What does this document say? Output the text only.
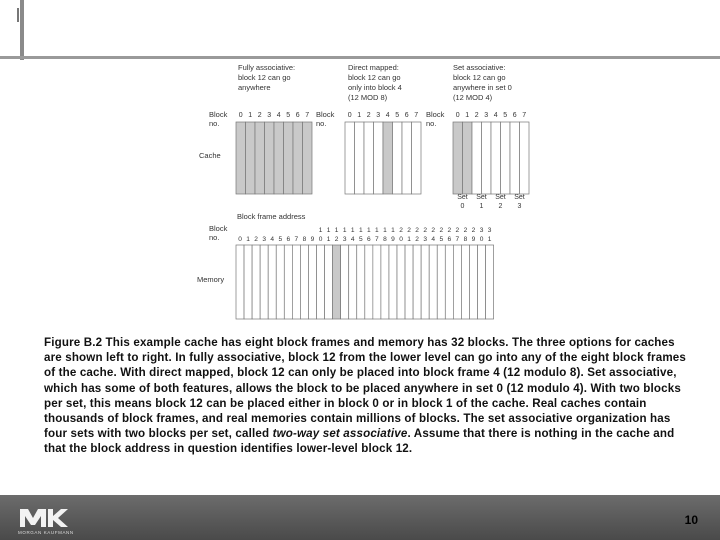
Fully associative:
block 12 can go
anywhere
Block
no.
0 1 2 3 4 5 6 7
Direct mapped:
block 12 can go
only into block 4
(12 MOD 8)
Block
no.
0 1 2 3 4 5 6 7
Set associative:
block 12 can go
anywhere in set 0
(12 MOD 4)
Block
no.
0 1 2 3 4 5 6 7
Set
0
Set
1
Set
2
Set
3
Cache
Block frame address
Block
no.
Memory
1 1 1 1 1 1 1 1 1 1 2 2 2 2 2 2 2 2 2 2 3 3
0 1 2 3 4 5 6 7 8 9 0 1 2 3 4 5 6 7 8 9 0 1 2 3 4 5 6 7 8 9 0 1
Figure B.2 This example cache has eight block frames and memory has 32 blocks. The three options for caches are shown left to right. In fully associative, block 12 from the lower level can go into any of the eight block frames of the cache. With direct mapped, block 12 can only be placed into block frame 4 (12 modulo 8). Set associative, which has some of both features, allows the block to be placed anywhere in set 0 (12 modulo 4). With two blocks per set, this means block 12 can be placed either in block 0 or in block 1 of the cache. Real caches contain thousands of block frames, and real memories contain millions of blocks. The set associative organization has four sets with two blocks per set, called two-way set associative. Assume that there is nothing in the cache and that the block address in question identifies lower-level block 12.
MORGAN KAUFMANN
10
